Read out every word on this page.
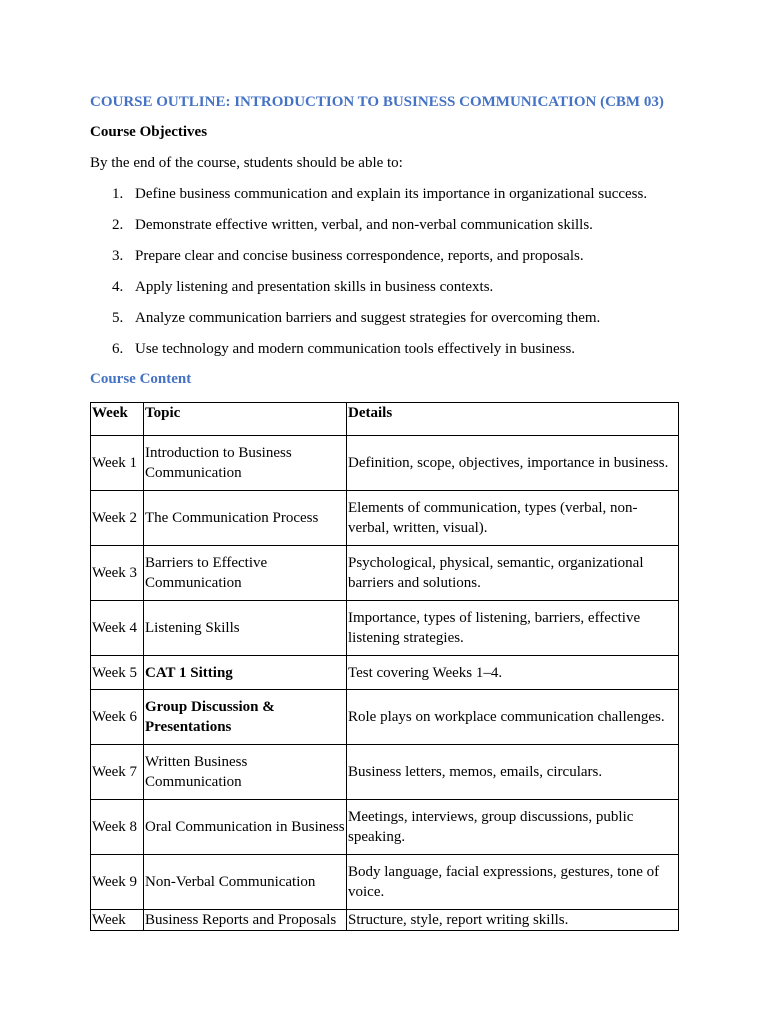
COURSE OUTLINE: INTRODUCTION TO BUSINESS COMMUNICATION (CBM 03)
Course Objectives
By the end of the course, students should be able to:
1. Define business communication and explain its importance in organizational success.
2. Demonstrate effective written, verbal, and non-verbal communication skills.
3. Prepare clear and concise business correspondence, reports, and proposals.
4. Apply listening and presentation skills in business contexts.
5. Analyze communication barriers and suggest strategies for overcoming them.
6. Use technology and modern communication tools effectively in business.
Course Content
Week	Topic	Details
Week 1	Introduction to Business Communication	Definition, scope, objectives, importance in business.
Week 2	The Communication Process	Elements of communication, types (verbal, non-verbal, written, visual).
Week 3	Barriers to Effective Communication	Psychological, physical, semantic, organizational barriers and solutions.
Week 4	Listening Skills	Importance, types of listening, barriers, effective listening strategies.
Week 5	CAT 1 Sitting	Test covering Weeks 1–4.
Week 6	Group Discussion & Presentations	Role plays on workplace communication challenges.
Week 7	Written Business Communication	Business letters, memos, emails, circulars.
Week 8	Oral Communication in Business	Meetings, interviews, group discussions, public speaking.
Week 9	Non-Verbal Communication	Body language, facial expressions, gestures, tone of voice.
Week	Business Reports and Proposals	Structure, style, report writing skills.
